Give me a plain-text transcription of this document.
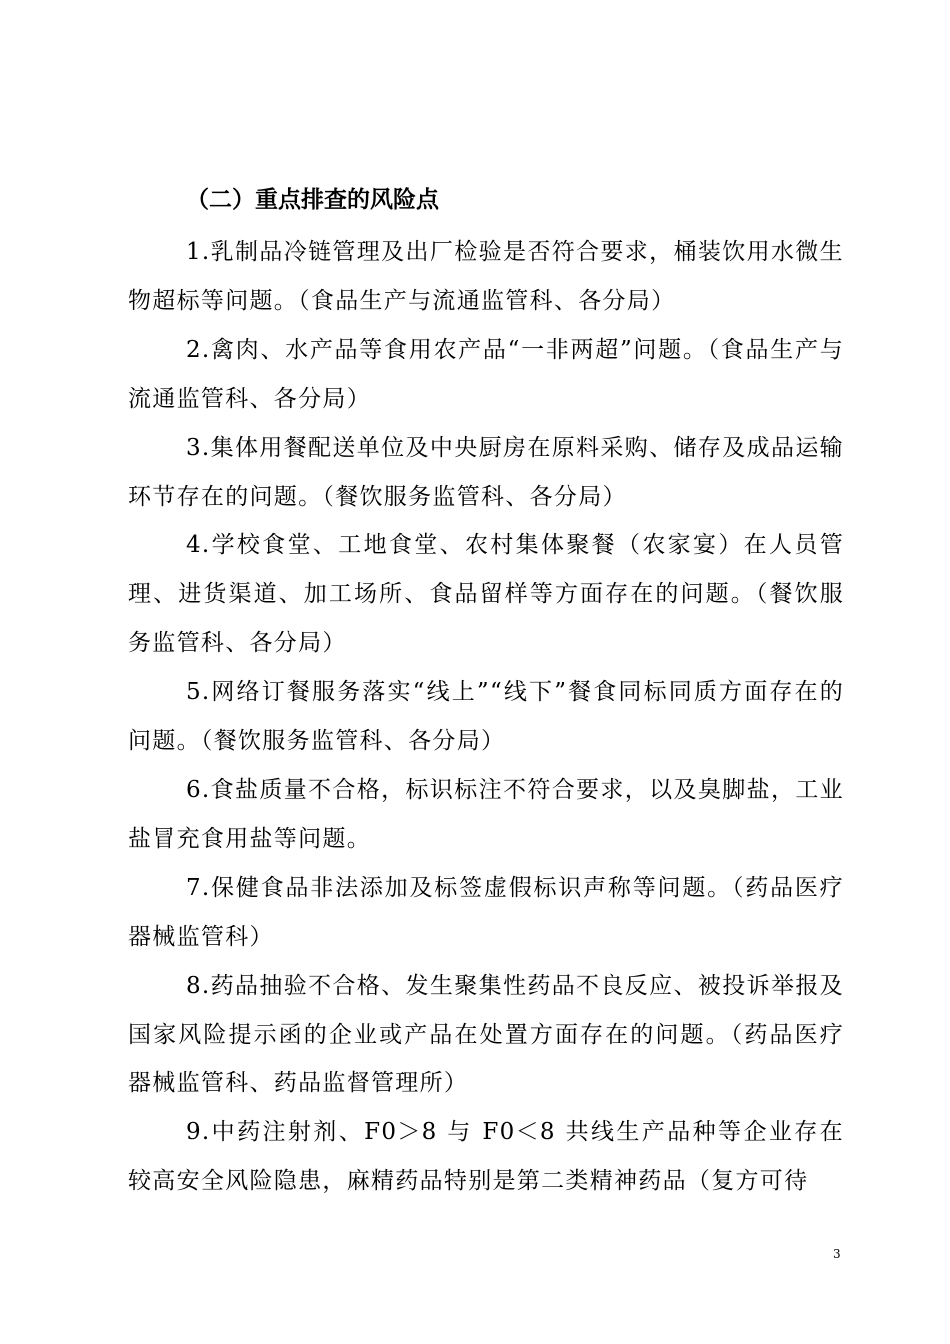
（二）重点排查的风险点

1.乳制品冷链管理及出厂检验是否符合要求，桶装饮用水微生物超标等问题。（食品生产与流通监管科、各分局）

2.禽肉、水产品等食用农产品“一非两超”问题。（食品生产与流通监管科、各分局）

3.集体用餐配送单位及中央厨房在原料采购、储存及成品运输环节存在的问题。（餐饮服务监管科、各分局）

4.学校食堂、工地食堂、农村集体聚餐（农家宴）在人员管理、进货渠道、加工场所、食品留样等方面存在的问题。（餐饮服务监管科、各分局）

5.网络订餐服务落实“线上”“线下”餐食同标同质方面存在的问题。（餐饮服务监管科、各分局）

6.食盐质量不合格，标识标注不符合要求，以及臭脚盐，工业盐冒充食用盐等问题。

7.保健食品非法添加及标签虚假标识声称等问题。（药品医疗器械监管科）

8.药品抽验不合格、发生聚集性药品不良反应、被投诉举报及国家风险提示函的企业或产品在处置方面存在的问题。（药品医疗器械监管科、药品监督管理所）

9.中药注射剂、F0＞8 与 F0＜8 共线生产品种等企业存在较高安全风险隐患，麻精药品特别是第二类精神药品（复方可待

3
